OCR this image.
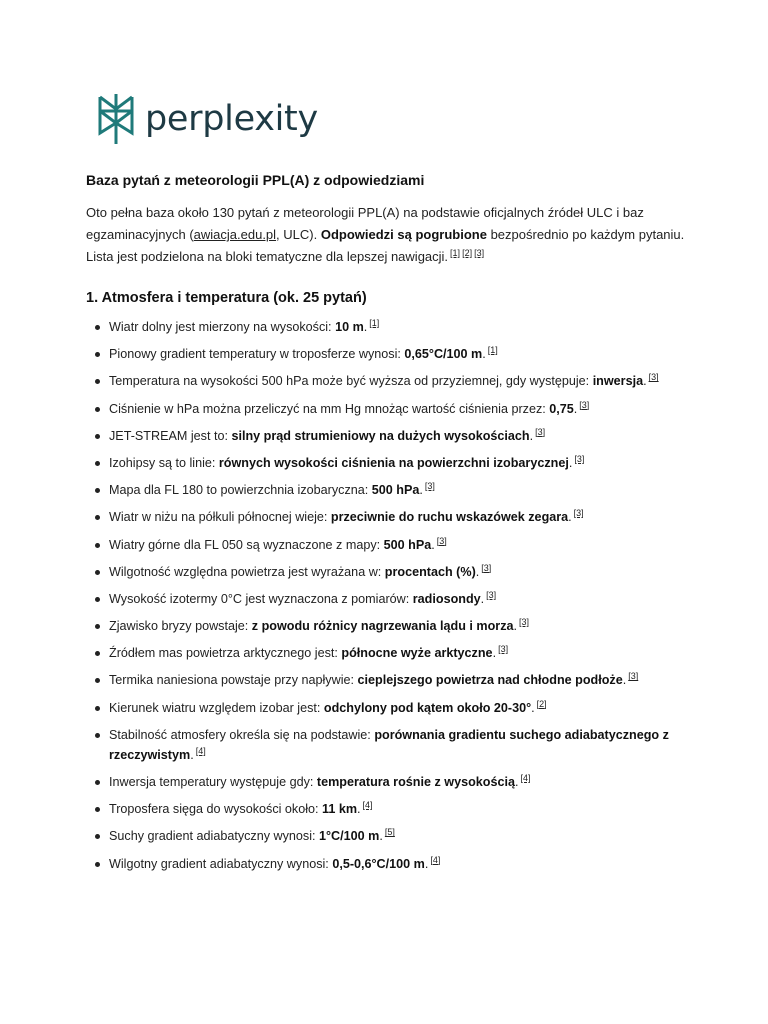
perplexity
Baza pytań z meteorologii PPL(A) z odpowiedziami

Oto pełna baza około 130 pytań z meteorologii PPL(A) na podstawie oficjalnych źródeł ULC i baz egzaminacyjnych (awiacja.edu.pl, ULC). Odpowiedzi są pogrubione bezpośrednio po każdym pytaniu. Lista jest podzielona na bloki tematyczne dla lepszej nawigacji. [1] [2] [3]

1. Atmosfera i temperatura (ok. 25 pytań)
Wiatr dolny jest mierzony na wysokości: 10 m. [1]
Pionowy gradient temperatury w troposferze wynosi: 0,65°C/100 m. [1]
Temperatura na wysokości 500 hPa może być wyższa od przyziemnej, gdy występuje: inwersja. [3]
Ciśnienie w hPa można przeliczyć na mm Hg mnożąc wartość ciśnienia przez: 0,75. [3]
JET-STREAM jest to: silny prąd strumieniowy na dużych wysokościach. [3]
Izohipsy są to linie: równych wysokości ciśnienia na powierzchni izobarycznej. [3]
Mapa dla FL 180 to powierzchnia izobaryczna: 500 hPa. [3]
Wiatr w niżu na półkuli północnej wieje: przeciwnie do ruchu wskazówek zegara. [3]
Wiatry górne dla FL 050 są wyznaczone z mapy: 500 hPa. [3]
Wilgotność względna powietrza jest wyrażana w: procentach (%). [3]
Wysokość izotermy 0°C jest wyznaczona z pomiarów: radiosondy. [3]
Zjawisko bryzy powstaje: z powodu różnicy nagrzewania lądu i morza. [3]
Źródłem mas powietrza arktycznego jest: północne wyże arktyczne. [3]
Termika naniesiona powstaje przy napływie: cieplejszego powietrza nad chłodne podłoże. [3]
Kierunek wiatru względem izobar jest: odchylony pod kątem około 20-30°. [2]
Stabilność atmosfery określa się na podstawie: porównania gradientu suchego adiabatycznego z rzeczywistym. [4]
Inwersja temperatury występuje gdy: temperatura rośnie z wysokością. [4]
Troposfera sięga do wysokości około: 11 km. [4]
Suchy gradient adiabatyczny wynosi: 1°C/100 m. [5]
Wilgotny gradient adiabatyczny wynosi: 0,5-0,6°C/100 m. [4]
